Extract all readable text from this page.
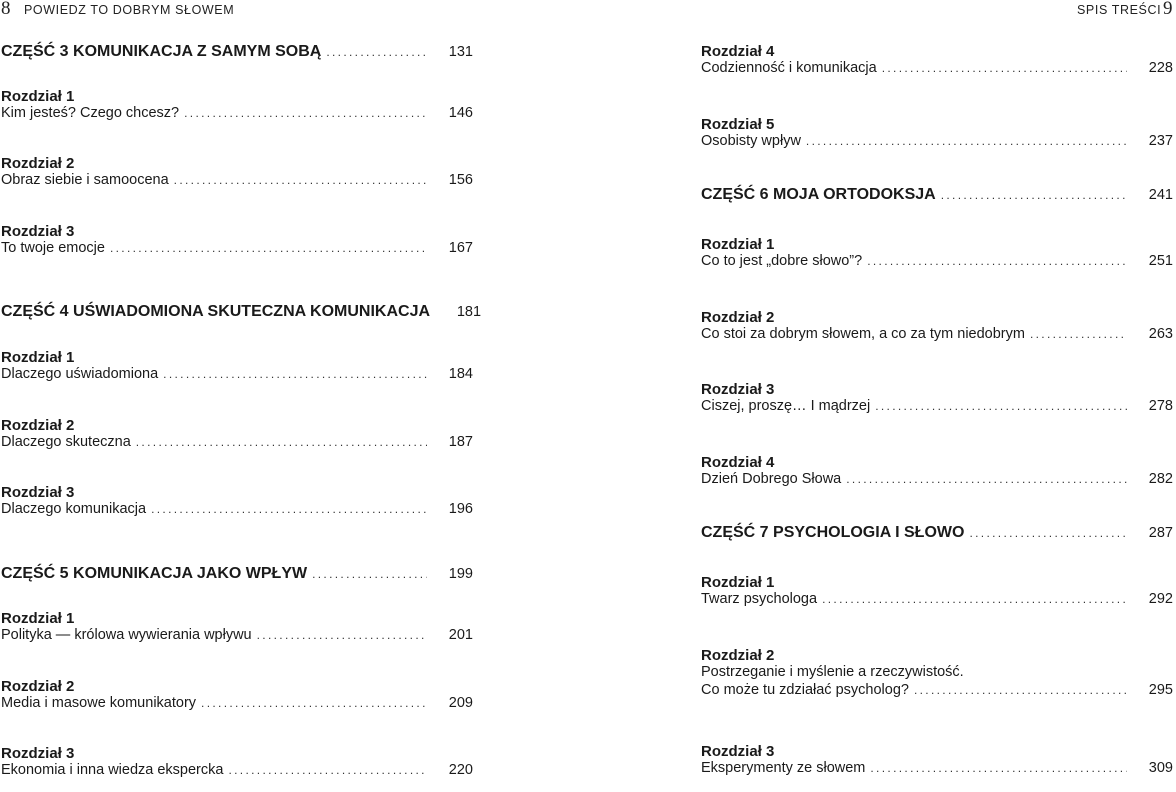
8 POWIEDZ TO DOBRYM SŁOWEM	SPIS TREŚCI 9
CZĘŚĆ 3 KOMUNIKACJA Z SAMYM SOBĄ . . .	131
Rozdział 1
Kim jesteś? Czego chcesz? . . .	146
Rozdział 2
Obraz siebie i samoocena . . .	156
Rozdział 3
To twoje emocje . . .	167
CZĘŚĆ 4 UŚWIADOMIONA SKUTECZNA KOMUNIKACJA	181
Rozdział 1
Dlaczego uświadomiona . . .	184
Rozdział 2
Dlaczego skuteczna . . .	187
Rozdział 3
Dlaczego komunikacja . . .	196
CZĘŚĆ 5 KOMUNIKACJA JAKO WPŁYW . . .	199
Rozdział 1
Polityka — królowa wywierania wpływu . . .	201
Rozdział 2
Media i masowe komunikatory . . .	209
Rozdział 3
Ekonomia i inna wiedza ekspercka . . .	220
Rozdział 4
Codzienność i komunikacja . . .	228
Rozdział 5
Osobisty wpływ . . .	237
CZĘŚĆ 6 MOJA ORTODOKSJA . . .	241
Rozdział 1
Co to jest „dobre słowo”? . . .	251
Rozdział 2
Co stoi za dobrym słowem, a co za tym niedobrym . . .	263
Rozdział 3
Ciszej, proszę… I mądrzej . . .	278
Rozdział 4
Dzień Dobrego Słowa . . .	282
CZĘŚĆ 7 PSYCHOLOGIA I SŁOWO . . .	287
Rozdział 1
Twarz psychologa . . .	292
Rozdział 2
Postrzeganie i myślenie a rzeczywistość.
Co może tu zdziałać psycholog? . . .	295
Rozdział 3
Eksperymenty ze słowem . . .	309
